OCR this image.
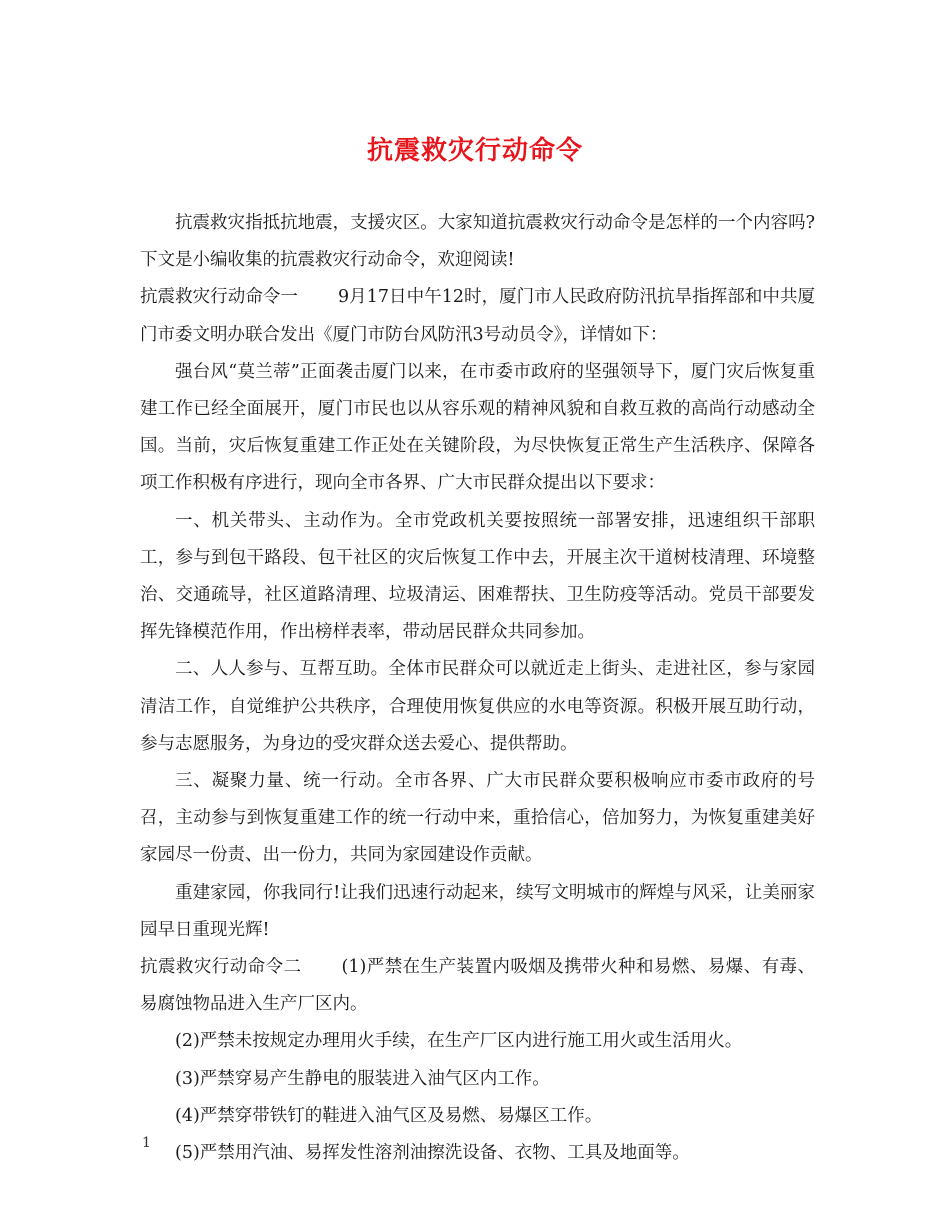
抗震救灾行动命令

抗震救灾指抵抗地震，支援灾区。大家知道抗震救灾行动命令是怎样的一个内容吗?下文是小编收集的抗震救灾行动命令，欢迎阅读!

抗震救灾行动命令一 9月17日中午12时，厦门市人民政府防汛抗旱指挥部和中共厦门市委文明办联合发出《厦门市防台风防汛3号动员令》，详情如下：

强台风“莫兰蒂”正面袭击厦门以来，在市委市政府的坚强领导下，厦门灾后恢复重建工作已经全面展开，厦门市民也以从容乐观的精神风貌和自救互救的高尚行动感动全国。当前，灾后恢复重建工作正处在关键阶段，为尽快恢复正常生产生活秩序、保障各项工作积极有序进行，现向全市各界、广大市民群众提出以下要求：

一、机关带头、主动作为。全市党政机关要按照统一部署安排，迅速组织干部职工，参与到包干路段、包干社区的灾后恢复工作中去，开展主次干道树枝清理、环境整治、交通疏导，社区道路清理、垃圾清运、困难帮扶、卫生防疫等活动。党员干部要发挥先锋模范作用，作出榜样表率，带动居民群众共同参加。

二、人人参与、互帮互助。全体市民群众可以就近走上街头、走进社区，参与家园清洁工作，自觉维护公共秩序，合理使用恢复供应的水电等资源。积极开展互助行动，参与志愿服务，为身边的受灾群众送去爱心、提供帮助。

三、凝聚力量、统一行动。全市各界、广大市民群众要积极响应市委市政府的号召，主动参与到恢复重建工作的统一行动中来，重拾信心，倍加努力，为恢复重建美好家园尽一份责、出一份力，共同为家园建设作贡献。

重建家园，你我同行!让我们迅速行动起来，续写文明城市的辉煌与风采，让美丽家园早日重现光辉!

抗震救灾行动命令二 (1)严禁在生产装置内吸烟及携带火种和易燃、易爆、有毒、易腐蚀物品进入生产厂区内。

(2)严禁未按规定办理用火手续，在生产厂区内进行施工用火或生活用火。

(3)严禁穿易产生静电的服装进入油气区内工作。

(4)严禁穿带铁钉的鞋进入油气区及易燃、易爆区工作。

(5)严禁用汽油、易挥发性溶剂油擦洗设备、衣物、工具及地面等。

1
